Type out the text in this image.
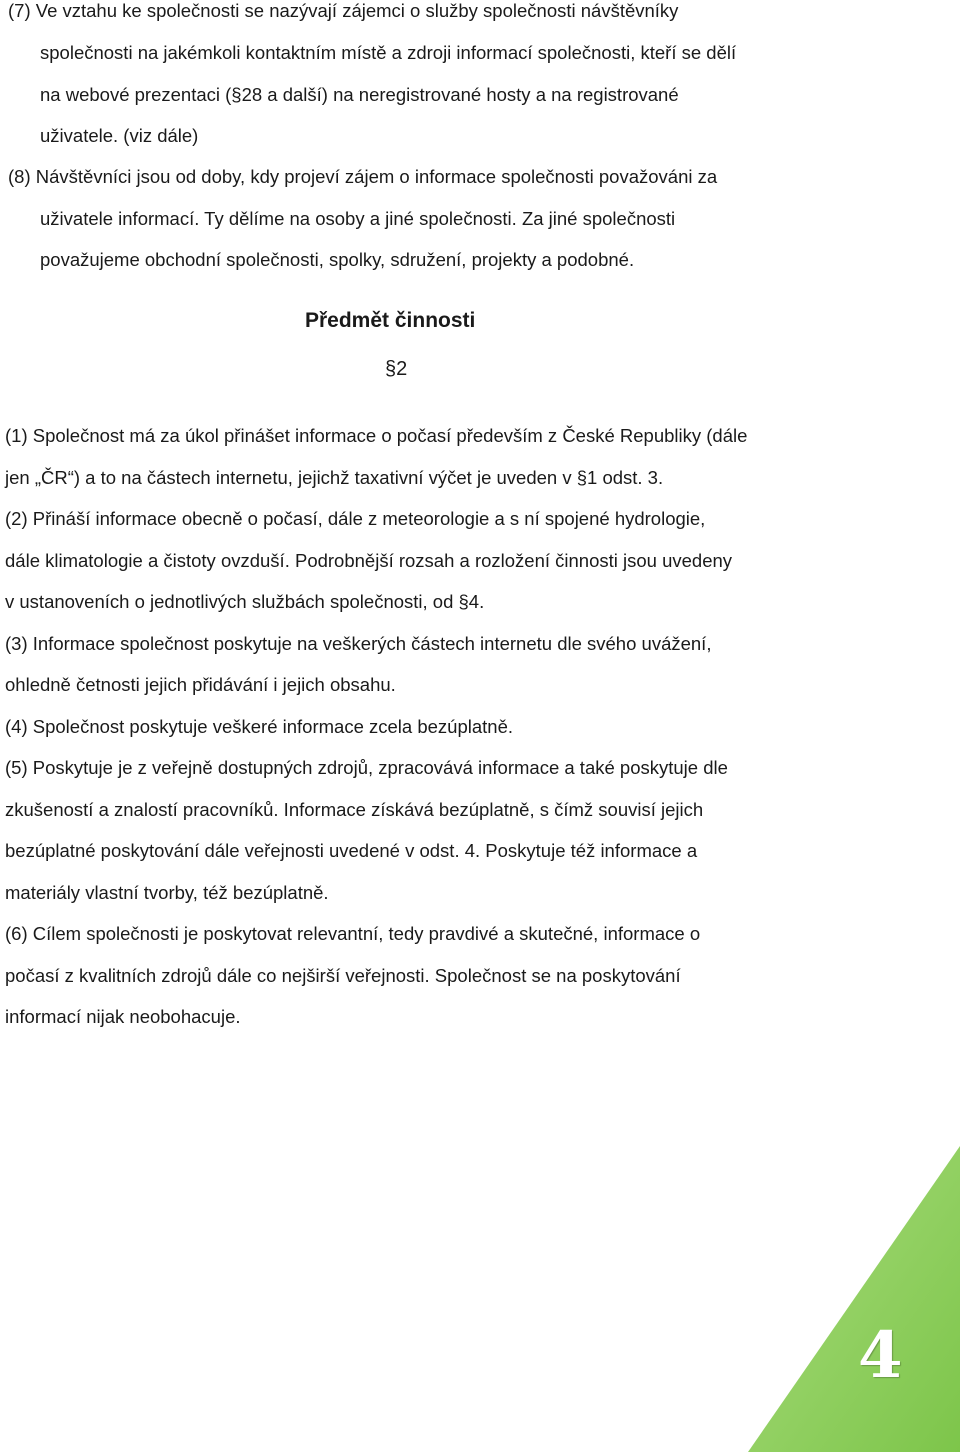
(7) Ve vztahu ke společnosti se nazývají zájemci o služby společnosti návštěvníky

společnosti na jakémkoli kontaktním místě a zdroji informací společnosti, kteří se dělí

na webové prezentaci (§28 a další) na neregistrované hosty a na registrované

uživatele. (viz dále)

(8) Návštěvníci jsou od doby, kdy projeví zájem o informace společnosti považováni za

uživatele informací. Ty dělíme na osoby a jiné společnosti. Za jiné společnosti

považujeme obchodní společnosti, spolky, sdružení, projekty a podobné.

Předmět činnosti

§2

(1) Společnost má za úkol přinášet informace o počasí především z České Republiky (dále

jen „ČR“) a to na částech internetu, jejichž taxativní výčet je uveden v §1 odst. 3.

(2) Přináší informace obecně o počasí, dále z meteorologie a s ní spojené hydrologie,

dále klimatologie a čistoty ovzduší. Podrobnější rozsah a rozložení činnosti jsou uvedeny

v ustanoveních o jednotlivých službách společnosti, od §4.

(3) Informace společnost poskytuje na veškerých částech internetu dle svého uvážení,

ohledně četnosti jejich přidávání i jejich obsahu.

(4) Společnost poskytuje veškeré informace zcela bezúplatně.

(5) Poskytuje je z veřejně dostupných zdrojů, zpracovává informace a také poskytuje dle

zkušeností a znalostí pracovníků. Informace získává bezúplatně, s čímž souvisí jejich

bezúplatné poskytování dále veřejnosti uvedené v odst. 4. Poskytuje též informace a

materiály vlastní tvorby, též bezúplatně.

(6) Cílem společnosti je poskytovat relevantní, tedy pravdivé a skutečné, informace o

počasí z kvalitních zdrojů dále co nejširší veřejnosti. Společnost se na poskytování

informací nijak neobohacuje.

4
